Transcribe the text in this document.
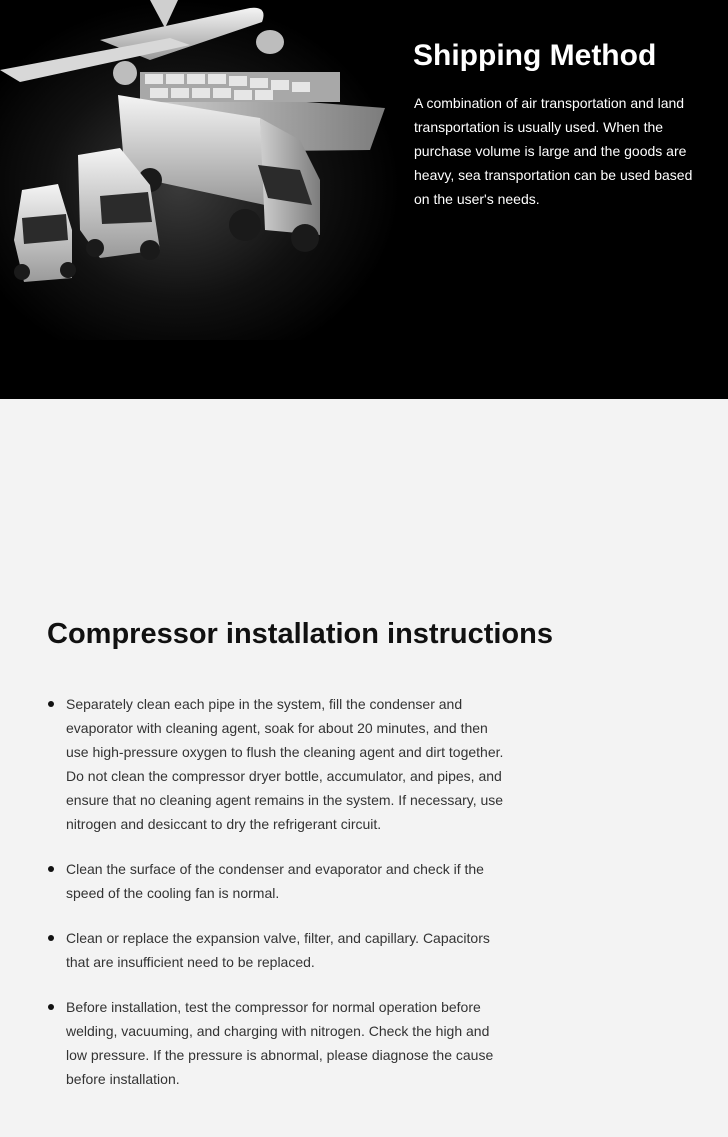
Shipping Method

A combination of air transportation and land transportation is usually used. When the purchase volume is large and the goods are heavy, sea transportation can be used based on the user's needs.

Compressor installation instructions
Separately clean each pipe in the system, fill the condenser and evaporator with cleaning agent, soak for about 20 minutes, and then use high-pressure oxygen to flush the cleaning agent and dirt together. Do not clean the compressor dryer bottle, accumulator, and pipes, and ensure that no cleaning agent remains in the system. If necessary, use nitrogen and desiccant to dry the refrigerant circuit.
Clean the surface of the condenser and evaporator and check if the speed of the cooling fan is normal.
Clean or replace the expansion valve, filter, and capillary. Capacitors that are insufficient need to be replaced.
Before installation, test the compressor for normal operation before welding, vacuuming, and charging with nitrogen. Check the high and low pressure. If the pressure is abnormal, please diagnose the cause before installation.
